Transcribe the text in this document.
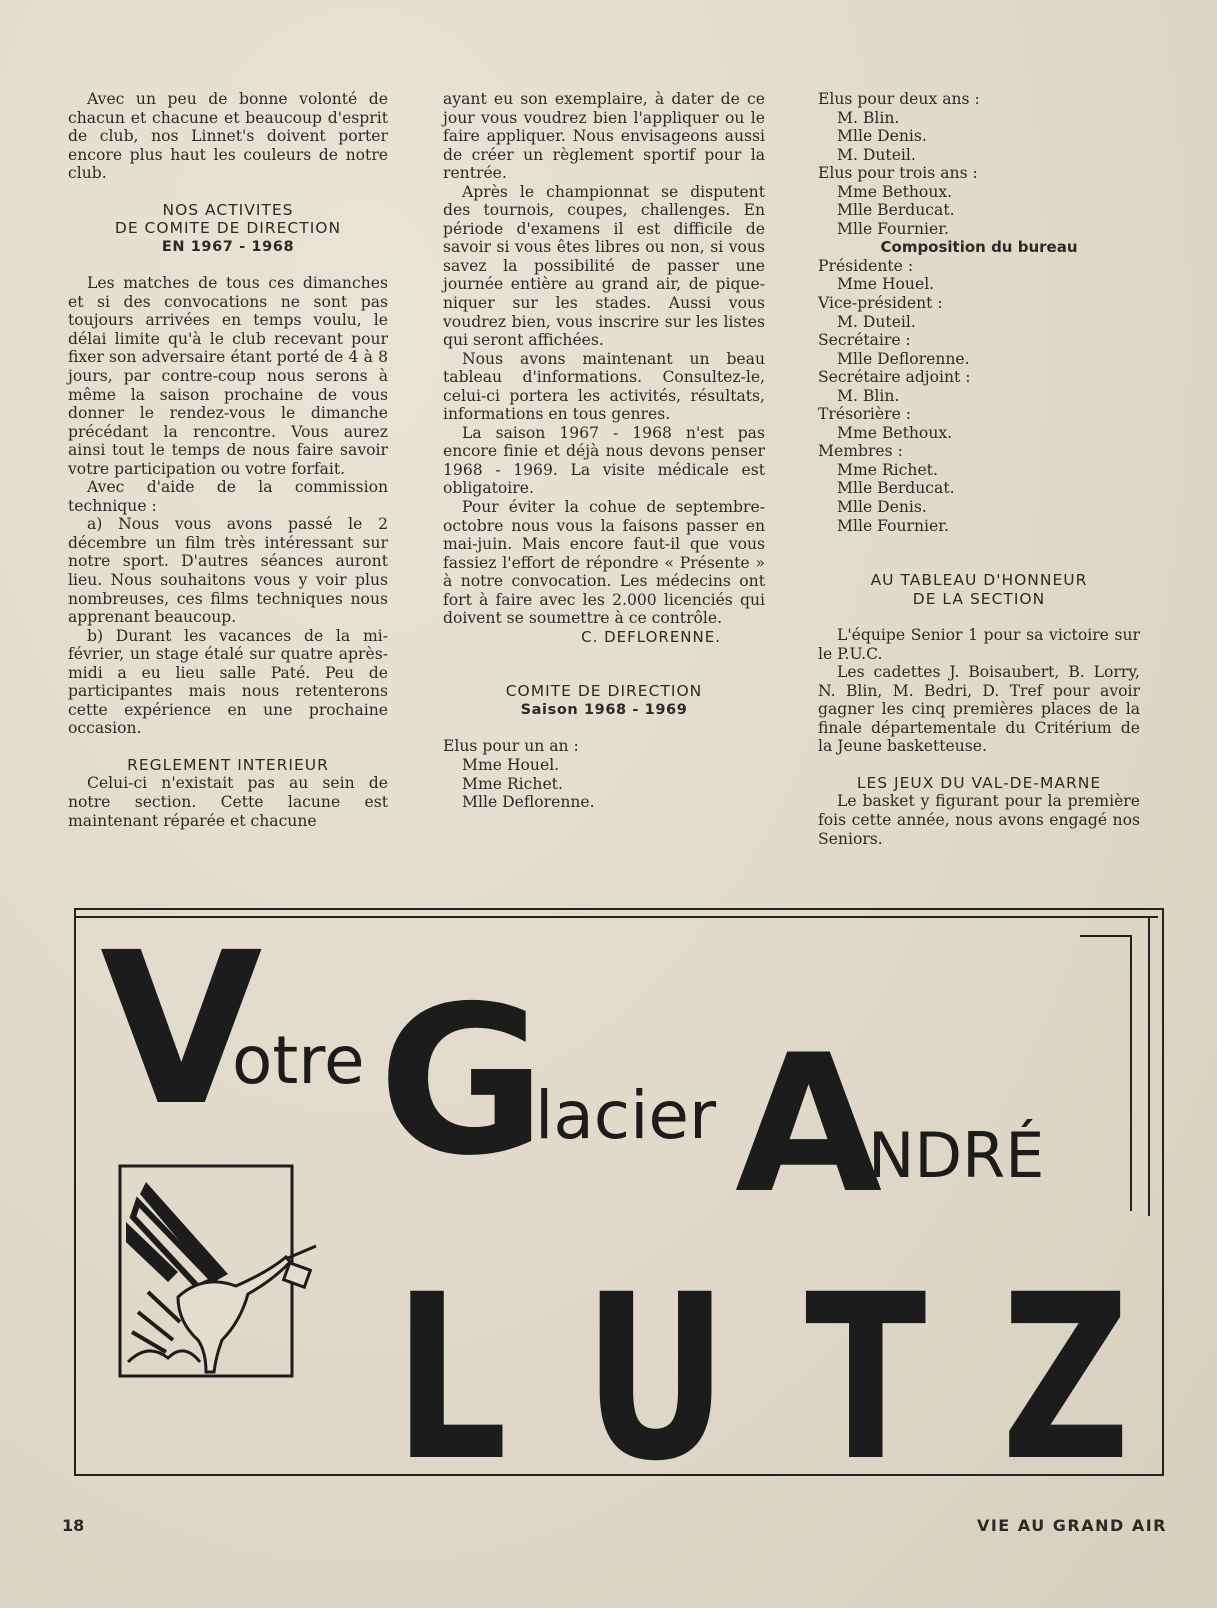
Avec un peu de bonne volonté de chacun et chacune et beaucoup d'esprit de club, nos Linnet's doivent porter encore plus haut les couleurs de notre club.

NOS ACTIVITES

DE COMITE DE DIRECTION

EN 1967 - 1968

Les matches de tous ces dimanches et si des convocations ne sont pas toujours arrivées en temps voulu, le délai limite qu'à le club recevant pour fixer son adversaire étant porté de 4 à 8 jours, par contre-coup nous serons à même la saison prochaine de vous donner le rendez-vous le dimanche précédant la rencontre. Vous aurez ainsi tout le temps de nous faire savoir votre participation ou votre forfait.

Avec d'aide de la commission technique :

a) Nous vous avons passé le 2 décembre un film très intéressant sur notre sport. D'autres séances auront lieu. Nous souhaitons vous y voir plus nombreuses, ces films techniques nous apprenant beaucoup.

b) Durant les vacances de la mi-février, un stage étalé sur quatre après-midi a eu lieu salle Paté. Peu de participantes mais nous retenterons cette expérience en une prochaine occasion.

REGLEMENT INTERIEUR

Celui-ci n'existait pas au sein de notre section. Cette lacune est maintenant réparée et chacune

ayant eu son exemplaire, à dater de ce jour vous voudrez bien l'appliquer ou le faire appliquer. Nous envisageons aussi de créer un règlement sportif pour la rentrée.

Après le championnat se disputent des tournois, coupes, challenges. En période d'examens il est difficile de savoir si vous êtes libres ou non, si vous savez la possibilité de passer une journée entière au grand air, de pique-niquer sur les stades. Aussi vous voudrez bien, vous inscrire sur les listes qui seront affichées.

Nous avons maintenant un beau tableau d'informations. Consultez-le, celui-ci portera les activités, résultats, informations en tous genres.

La saison 1967 - 1968 n'est pas encore finie et déjà nous devons penser 1968 - 1969. La visite médicale est obligatoire.

Pour éviter la cohue de septembre-octobre nous vous la faisons passer en mai-juin. Mais encore faut-il que vous fassiez l'effort de répondre « Présente » à notre convocation. Les médecins ont fort à faire avec les 2.000 licenciés qui doivent se soumettre à ce contrôle.

C. DEFLORENNE.

COMITE DE DIRECTION

Saison 1968 - 1969

Elus pour un an :
Mme Houel.
Mme Richet.
Mlle Deflorenne.
Elus pour deux ans :
M. Blin.
Mlle Denis.
M. Duteil.
Elus pour trois ans :
Mme Bethoux.
Mlle Berducat.
Mlle Fournier.
Composition du bureau
Présidente :
Mme Houel.
Vice-président :
M. Duteil.
Secrétaire :
Mlle Deflorenne.
Secrétaire adjoint :
M. Blin.
Trésorière :
Mme Bethoux.
Membres :
Mme Richet.
Mlle Berducat.
Mlle Denis.
Mlle Fournier.

AU TABLEAU D'HONNEUR

DE LA SECTION

L'équipe Senior 1 pour sa victoire sur le P.U.C.

Les cadettes J. Boisaubert, B. Lorry, N. Blin, M. Bedri, D. Tref pour avoir gagner les cinq premières places de la finale départementale du Critérium de la Jeune basketteuse.

LES JEUX DU VAL-DE-MARNE

Le basket y figurant pour la première fois cette année, nous avons engagé nos Seniors.

V
otre G
lacier A
NDRÉ
L U T Z
18	VIE AU GRAND AIR
